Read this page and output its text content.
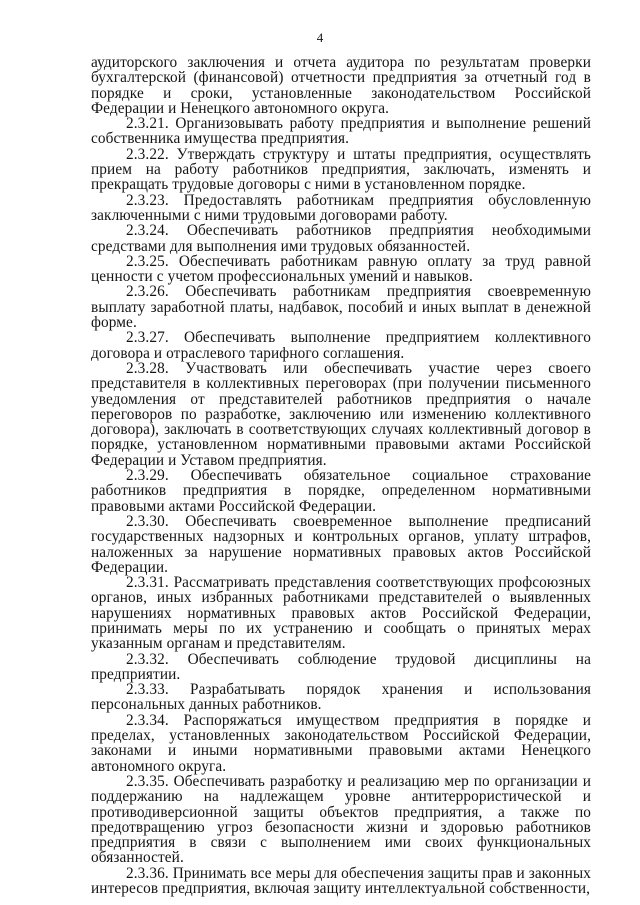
4

аудиторского заключения и отчета аудитора по результатам проверки бухгалтерской (финансовой) отчетности предприятия за отчетный год в порядке и сроки, установленные законодательством Российской Федерации и Ненецкого автономного округа.

2.3.21. Организовывать работу предприятия и выполнение решений собственника имущества предприятия.

2.3.22. Утверждать структуру и штаты предприятия, осуществлять прием на работу работников предприятия, заключать, изменять и прекращать трудовые договоры с ними в установленном порядке.

2.3.23. Предоставлять работникам предприятия обусловленную заключенными с ними трудовыми договорами работу.

2.3.24. Обеспечивать работников предприятия необходимыми средствами для выполнения ими трудовых обязанностей.

2.3.25. Обеспечивать работникам равную оплату за труд равной ценности с учетом профессиональных умений и навыков.

2.3.26. Обеспечивать работникам предприятия своевременную выплату заработной платы, надбавок, пособий и иных выплат в денежной форме.

2.3.27. Обеспечивать выполнение предприятием коллективного договора и отраслевого тарифного соглашения.

2.3.28. Участвовать или обеспечивать участие через своего представителя в коллективных переговорах (при получении письменного уведомления от представителей работников предприятия о начале переговоров по разработке, заключению или изменению коллективного договора), заключать в соответствующих случаях коллективный договор в порядке, установленном нормативными правовыми актами Российской Федерации и Уставом предприятия.

2.3.29. Обеспечивать обязательное социальное страхование работников предприятия в порядке, определенном нормативными правовыми актами Российской Федерации.

2.3.30. Обеспечивать своевременное выполнение предписаний государственных надзорных и контрольных органов, уплату штрафов, наложенных за нарушение нормативных правовых актов Российской Федерации.

2.3.31. Рассматривать представления соответствующих профсоюзных органов, иных избранных работниками представителей о выявленных нарушениях нормативных правовых актов Российской Федерации, принимать меры по их устранению и сообщать о принятых мерах указанным органам и представителям.

2.3.32. Обеспечивать соблюдение трудовой дисциплины на предприятии.

2.3.33. Разрабатывать порядок хранения и использования персональных данных работников.

2.3.34. Распоряжаться имуществом предприятия в порядке и пределах, установленных законодательством Российской Федерации, законами и иными нормативными правовыми актами Ненецкого автономного округа.

2.3.35. Обеспечивать разработку и реализацию мер по организации и поддержанию на надлежащем уровне антитеррористической и противодиверсионной защиты объектов предприятия, а также по предотвращению угроз безопасности жизни и здоровью работников предприятия в связи с выполнением ими своих функциональных обязанностей.

2.3.36. Принимать все меры для обеспечения защиты прав и законных интересов предприятия, включая защиту интеллектуальной собственности,
